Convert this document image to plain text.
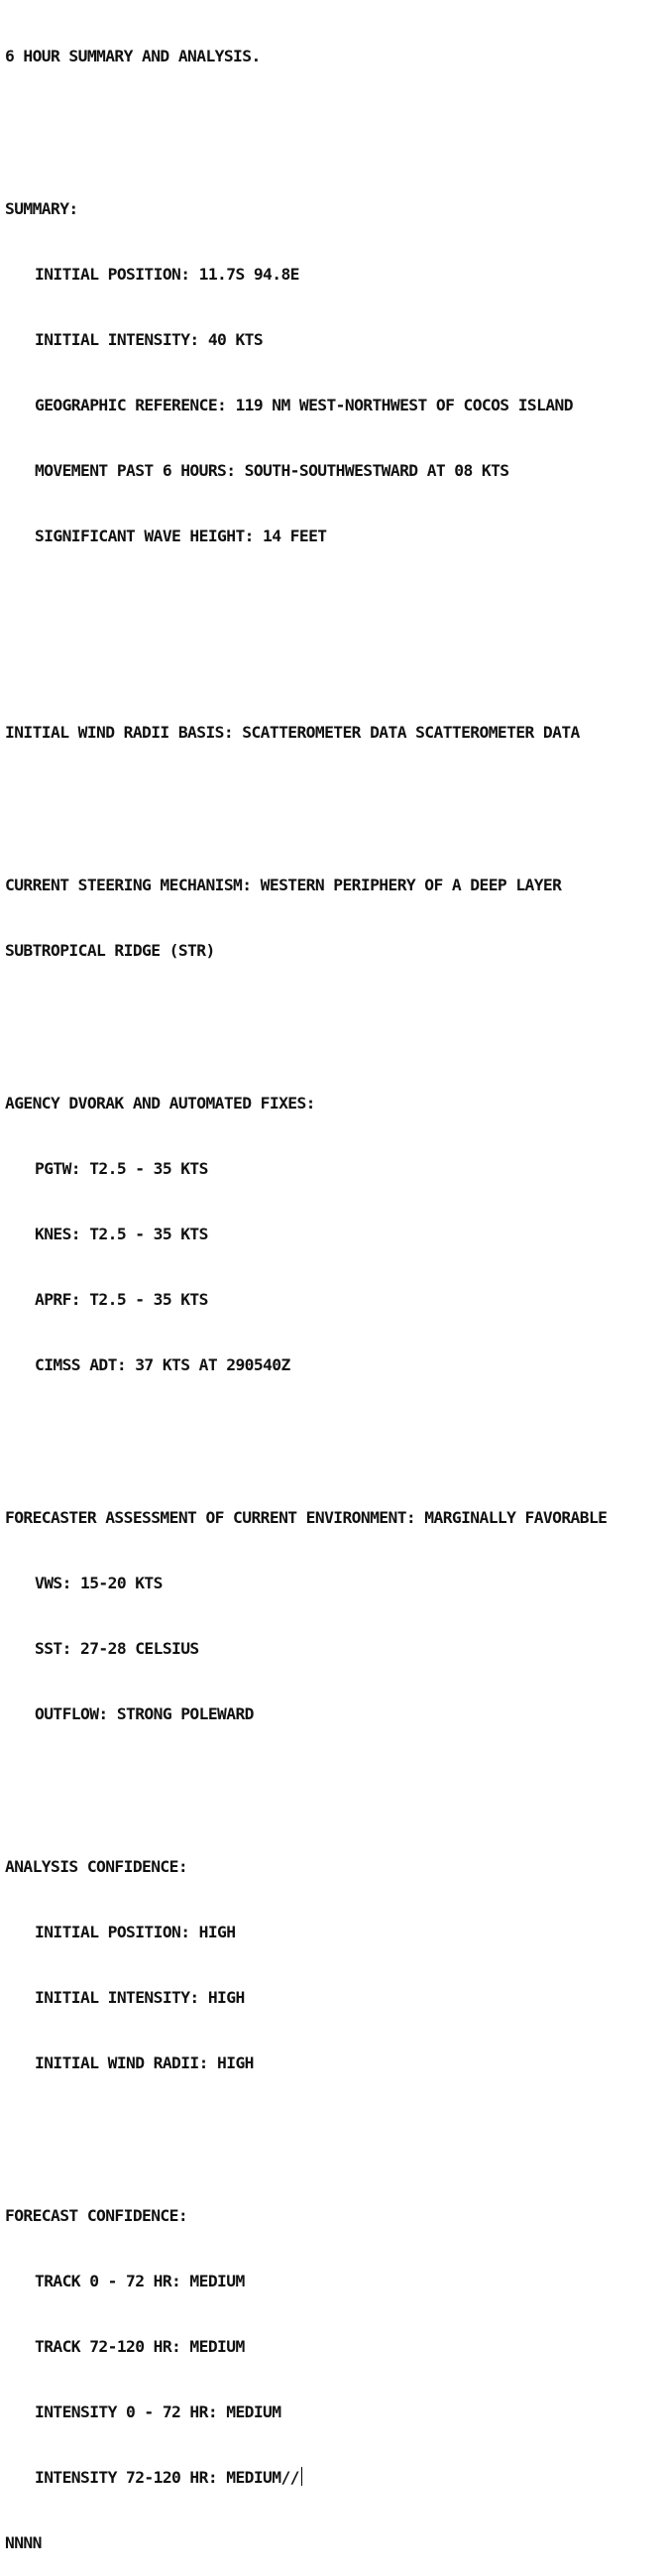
6 HOUR SUMMARY AND ANALYSIS.

SUMMARY:

INITIAL POSITION: 11.7S 94.8E

INITIAL INTENSITY: 40 KTS

GEOGRAPHIC REFERENCE: 119 NM WEST-NORTHWEST OF COCOS ISLAND

MOVEMENT PAST 6 HOURS: SOUTH-SOUTHWESTWARD AT 08 KTS

SIGNIFICANT WAVE HEIGHT: 14 FEET

INITIAL WIND RADII BASIS: SCATTEROMETER DATA SCATTEROMETER DATA

CURRENT STEERING MECHANISM: WESTERN PERIPHERY OF A DEEP LAYER

SUBTROPICAL RIDGE (STR)

AGENCY DVORAK AND AUTOMATED FIXES:

PGTW: T2.5 - 35 KTS

KNES: T2.5 - 35 KTS

APRF: T2.5 - 35 KTS

CIMSS ADT: 37 KTS AT 290540Z

FORECASTER ASSESSMENT OF CURRENT ENVIRONMENT: MARGINALLY FAVORABLE

VWS: 15-20 KTS

SST: 27-28 CELSIUS

OUTFLOW: STRONG POLEWARD

ANALYSIS CONFIDENCE:

INITIAL POSITION: HIGH

INITIAL INTENSITY: HIGH

INITIAL WIND RADII: HIGH

FORECAST CONFIDENCE:

TRACK 0 - 72 HR: MEDIUM

TRACK 72-120 HR: MEDIUM

INTENSITY 0 - 72 HR: MEDIUM

INTENSITY 72-120 HR: MEDIUM//

NNNN
